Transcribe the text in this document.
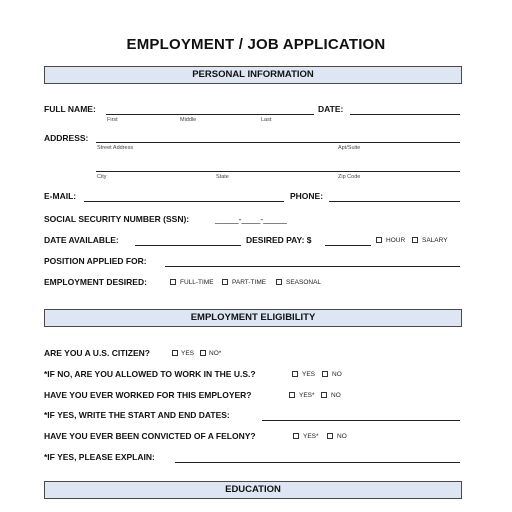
EMPLOYMENT / JOB APPLICATION
PERSONAL INFORMATION
FULL NAME:
First	Middle	Last
DATE:
ADDRESS:
Street Address	Apt/Suite
City	State	Zip Code
E-MAIL:	PHONE:
SOCIAL SECURITY NUMBER (SSN):	_____-____-_____
DATE AVAILABLE:	DESIRED PAY: $	HOUR	SALARY
POSITION APPLIED FOR:
EMPLOYMENT DESIRED:	FULL-TIME	PART-TIME	SEASONAL
EMPLOYMENT ELIGIBILITY
ARE YOU A U.S. CITIZEN?	YES NO*
*IF NO, ARE YOU ALLOWED TO WORK IN THE U.S.?	YES	NO
HAVE YOU EVER WORKED FOR THIS EMPLOYER?	YES*	NO
*IF YES, WRITE THE START AND END DATES:
HAVE YOU EVER BEEN CONVICTED OF A FELONY?	YES*	NO
*IF YES, PLEASE EXPLAIN:
EDUCATION
